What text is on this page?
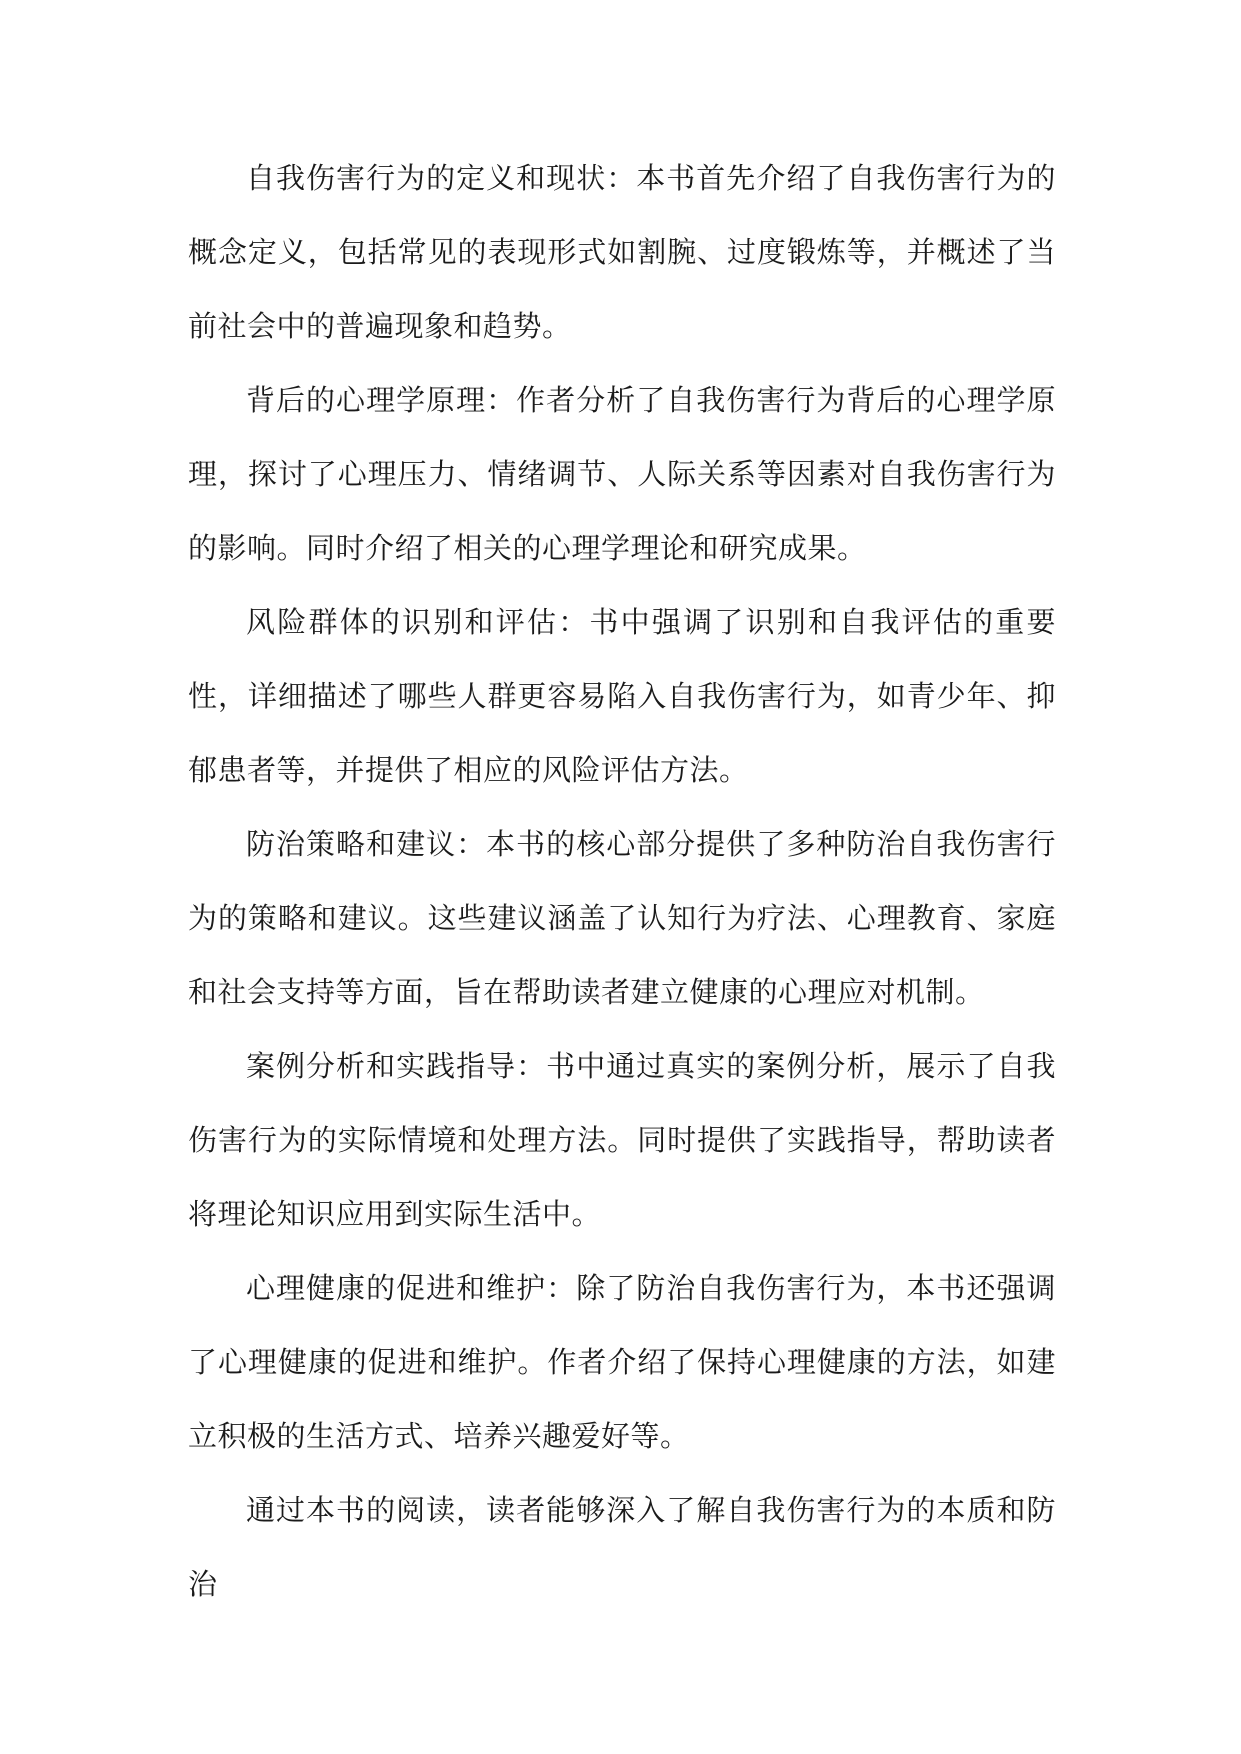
自我伤害行为的定义和现状：本书首先介绍了自我伤害行为的概念定义，包括常见的表现形式如割腕、过度锻炼等，并概述了当前社会中的普遍现象和趋势。

背后的心理学原理：作者分析了自我伤害行为背后的心理学原理，探讨了心理压力、情绪调节、人际关系等因素对自我伤害行为的影响。同时介绍了相关的心理学理论和研究成果。

风险群体的识别和评估：书中强调了识别和自我评估的重要性，详细描述了哪些人群更容易陷入自我伤害行为，如青少年、抑郁患者等，并提供了相应的风险评估方法。

防治策略和建议：本书的核心部分提供了多种防治自我伤害行为的策略和建议。这些建议涵盖了认知行为疗法、心理教育、家庭和社会支持等方面，旨在帮助读者建立健康的心理应对机制。

案例分析和实践指导：书中通过真实的案例分析，展示了自我伤害行为的实际情境和处理方法。同时提供了实践指导，帮助读者将理论知识应用到实际生活中。

心理健康的促进和维护：除了防治自我伤害行为，本书还强调了心理健康的促进和维护。作者介绍了保持心理健康的方法，如建立积极的生活方式、培养兴趣爱好等。

通过本书的阅读，读者能够深入了解自我伤害行为的本质和防治
